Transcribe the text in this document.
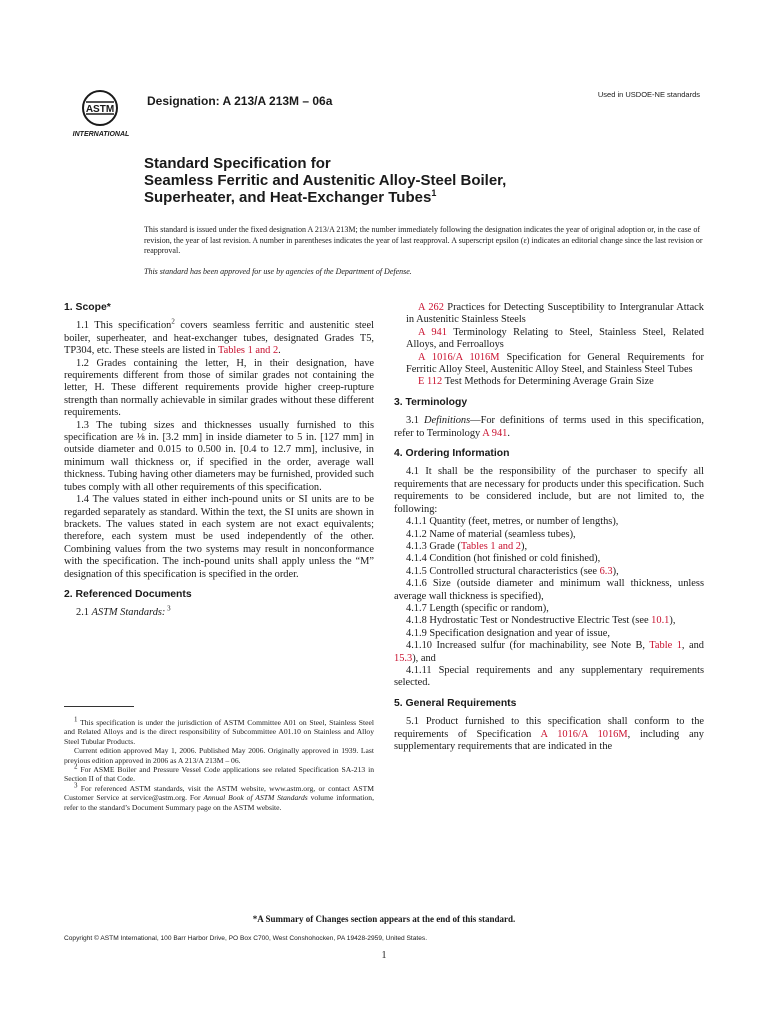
ASTM
INTERNATIONAL
Designation: A 213/A 213M – 06a	Used in USDOE-NE standards
Standard Specification for
Seamless Ferritic and Austenitic Alloy-Steel Boiler,
Superheater, and Heat-Exchanger Tubes$^1$
This standard is issued under the fixed designation A 213/A 213M; the number immediately following the designation indicates the year of original adoption or, in the case of revision, the year of last revision. A number in parentheses indicates the year of last reapproval. A superscript epsilon (ε) indicates an editorial change since the last revision or reapproval.
This standard has been approved for use by agencies of the Department of Defense.
1. Scope*

1.1 This specification$^2$ covers seamless ferritic and austenitic steel boiler, superheater, and heat-exchanger tubes, designated Grades T5, TP304, etc. These steels are listed in Tables 1 and 2.

1.2 Grades containing the letter, H, in their designation, have requirements different from those of similar grades not containing the letter, H. These different requirements provide higher creep-rupture strength than normally achievable in similar grades without these different requirements.

1.3 The tubing sizes and thicknesses usually furnished to this specification are ⅛ in. [3.2 mm] in inside diameter to 5 in. [127 mm] in outside diameter and 0.015 to 0.500 in. [0.4 to 12.7 mm], inclusive, in minimum wall thickness or, if specified in the order, average wall thickness. Tubing having other diameters may be furnished, provided such tubes comply with all other requirements of this specification.

1.4 The values stated in either inch-pound units or SI units are to be regarded separately as standard. Within the text, the SI units are shown in brackets. The values stated in each system are not exact equivalents; therefore, each system must be used independently of the other. Combining values from the two systems may result in nonconformance with the specification. The inch-pound units shall apply unless the “M” designation of this specification is specified in the order.

2. Referenced Documents

2.1 ASTM Standards: $^3$

$^1$ This specification is under the jurisdiction of ASTM Committee A01 on Steel, Stainless Steel and Related Alloys and is the direct responsibility of Subcommittee A01.10 on Stainless and Alloy Steel Tubular Products.

Current edition approved May 1, 2006. Published May 2006. Originally approved in 1939. Last previous edition approved in 2006 as A 213/A 213M – 06.

$^2$ For ASME Boiler and Pressure Vessel Code applications see related Specification SA-213 in Section II of that Code.

$^3$ For referenced ASTM standards, visit the ASTM website, www.astm.org, or contact ASTM Customer Service at service@astm.org. For Annual Book of ASTM Standards volume information, refer to the standard’s Document Summary page on the ASTM website.

A 262 Practices for Detecting Susceptibility to Intergranular Attack in Austenitic Stainless Steels

A 941 Terminology Relating to Steel, Stainless Steel, Related Alloys, and Ferroalloys

A 1016/A 1016M Specification for General Requirements for Ferritic Alloy Steel, Austenitic Alloy Steel, and Stainless Steel Tubes

E 112 Test Methods for Determining Average Grain Size

3. Terminology

3.1 Definitions—For definitions of terms used in this specification, refer to Terminology A 941.

4. Ordering Information

4.1 It shall be the responsibility of the purchaser to specify all requirements that are necessary for products under this specification. Such requirements to be considered include, but are not limited to, the following:

4.1.1 Quantity (feet, metres, or number of lengths),

4.1.2 Name of material (seamless tubes),

4.1.3 Grade (Tables 1 and 2),

4.1.4 Condition (hot finished or cold finished),

4.1.5 Controlled structural characteristics (see 6.3),

4.1.6 Size (outside diameter and minimum wall thickness, unless average wall thickness is specified),

4.1.7 Length (specific or random),

4.1.8 Hydrostatic Test or Nondestructive Electric Test (see 10.1),

4.1.9 Specification designation and year of issue,

4.1.10 Increased sulfur (for machinability, see Note B, Table 1, and 15.3), and

4.1.11 Special requirements and any supplementary requirements selected.

5. General Requirements

5.1 Product furnished to this specification shall conform to the requirements of Specification A 1016/A 1016M, including any supplementary requirements that are indicated in the

*A Summary of Changes section appears at the end of this standard.
Copyright © ASTM International, 100 Barr Harbor Drive, PO Box C700, West Conshohocken, PA 19428-2959, United States.
1
